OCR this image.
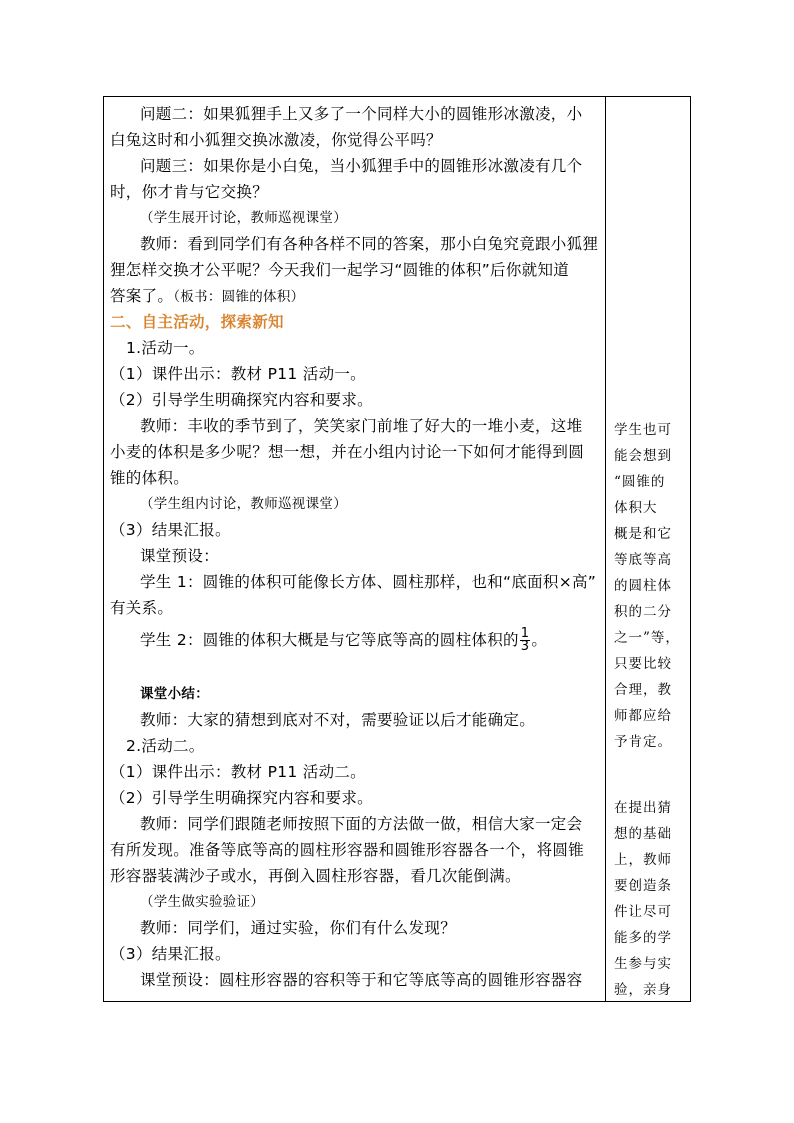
问题二：如果狐狸手上又多了一个同样大小的圆锥形冰激凌，小
白兔这时和小狐狸交换冰激凌，你觉得公平吗？
问题三：如果你是小白兔，当小狐狸手中的圆锥形冰激凌有几个
时，你才肯与它交换？
（学生展开讨论，教师巡视课堂）
教师：看到同学们有各种各样不同的答案，那小白兔究竟跟小狐狸
狸怎样交换才公平呢？今天我们一起学习“圆锥的体积”后你就知道
答案了。（板书：圆锥的体积）
二、自主活动，探索新知
1.活动一。
（1）课件出示：教材 P11 活动一。
（2）引导学生明确探究内容和要求。
教师：丰收的季节到了，笑笑家门前堆了好大的一堆小麦，这堆
小麦的体积是多少呢？想一想，并在小组内讨论一下如何才能得到圆
锥的体积。
（学生组内讨论，教师巡视课堂）
（3）结果汇报。
课堂预设：
学生 1：圆锥的体积可能像长方体、圆柱那样，也和“底面积×高”
有关系。
学生 2：圆锥的体积大概是与它等底等高的圆柱体积的 $\frac{1}{3}$ 。
课堂小结：
教师：大家的猜想到底对不对，需要验证以后才能确定。
2.活动二。
（1）课件出示：教材 P11 活动二。
（2）引导学生明确探究内容和要求。
教师：同学们跟随老师按照下面的方法做一做，相信大家一定会
有所发现。准备等底等高的圆柱形容器和圆锥形容器各一个，将圆锥
形容器装满沙子或水，再倒入圆柱形容器，看几次能倒满。
（学生做实验验证）
教师：同学们，通过实验，你们有什么发现？
（3）结果汇报。
课堂预设：圆柱形容器的容积等于和它等底等高的圆锥形容器容
学生也可
能会想到
“圆锥的
体积大
概是和它
等底等高
的圆柱体
积的二分
之一”等，
只要比较
合理，教
师都应给
予肯定。
在提出猜
想的基础
上，教师
要创造条
件让尽可
能多的学
生参与实
验，亲身
